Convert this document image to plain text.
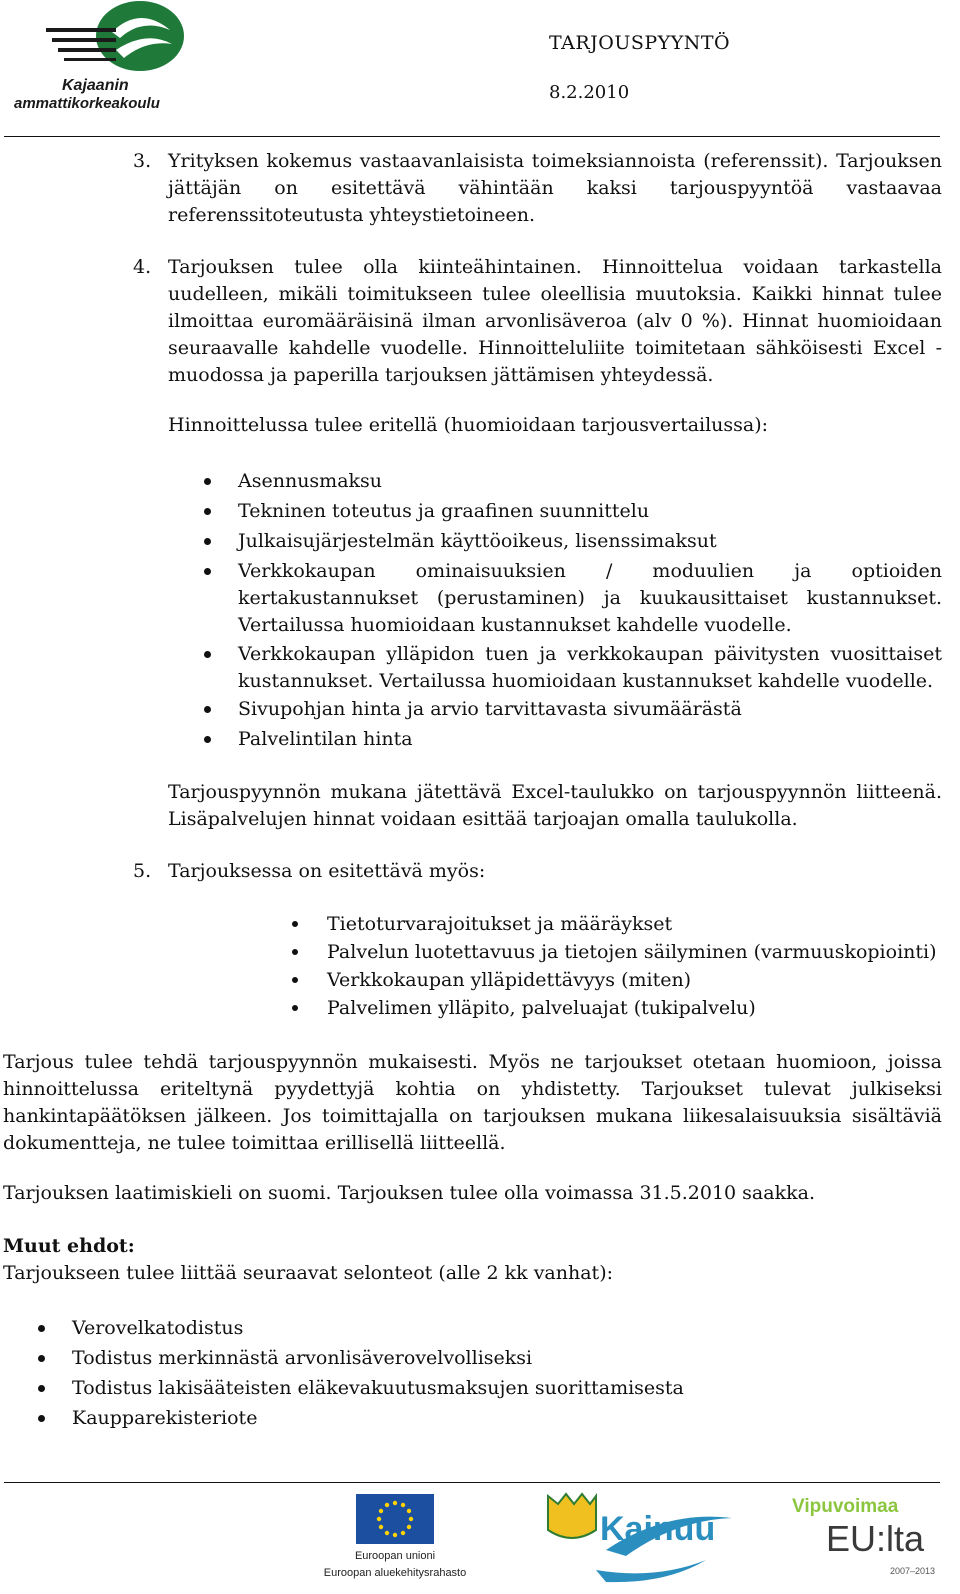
Kajaanin
ammattikorkeakoulu
TARJOUSPYYNTÖ
8.2.2010
3. Yrityksen kokemus vastaavanlaisista toimeksiannoista (referenssit). Tarjouksen jättäjän on esitettävä vähintään kaksi tarjouspyyntöä vastaavaa referenssitoteutusta yhteystietoineen.
4. Tarjouksen tulee olla kiinteähintainen. Hinnoittelua voidaan tarkastella uudelleen, mikäli toimitukseen tulee oleellisia muutoksia. Kaikki hinnat tulee ilmoittaa euromääräisinä ilman arvonlisäveroa (alv 0 %). Hinnat huomioidaan seuraavalle kahdelle vuodelle. Hinnoitteluliite toimitetaan sähköisesti Excel -muodossa ja paperilla tarjouksen jättämisen yhteydessä.
Hinnoittelussa tulee eritellä (huomioidaan tarjousvertailussa):
Asennusmaksu
Tekninen toteutus ja graafinen suunnittelu
Julkaisujärjestelmän käyttöoikeus, lisenssimaksut
Verkkokaupan ominaisuuksien / moduulien ja optioiden kertakustannukset (perustaminen) ja kuukausittaiset kustannukset. Vertailussa huomioidaan kustannukset kahdelle vuodelle.
Verkkokaupan ylläpidon tuen ja verkkokaupan päivitysten vuosittaiset kustannukset. Vertailussa huomioidaan kustannukset kahdelle vuodelle.
Sivupohjan hinta ja arvio tarvittavasta sivumäärästä
Palvelintilan hinta
Tarjouspyynnön mukana jätettävä Excel-taulukko on tarjouspyynnön liitteenä. Lisäpalvelujen hinnat voidaan esittää tarjoajan omalla taulukolla.
5. Tarjouksessa on esitettävä myös:
Tietoturvarajoitukset ja määräykset
Palvelun luotettavuus ja tietojen säilyminen (varmuuskopiointi)
Verkkokaupan ylläpidettävyys (miten)
Palvelimen ylläpito, palveluajat (tukipalvelu)
Tarjous tulee tehdä tarjouspyynnön mukaisesti. Myös ne tarjoukset otetaan huomioon, joissa hinnoittelussa eriteltynä pyydettyjä kohtia on yhdistetty. Tarjoukset tulevat julkiseksi hankintapäätöksen jälkeen. Jos toimittajalla on tarjouksen mukana liikesalaisuuksia sisältäviä dokumentteja, ne tulee toimittaa erillisellä liitteellä.
Tarjouksen laatimiskieli on suomi. Tarjouksen tulee olla voimassa 31.5.2010 saakka.
Muut ehdot:
Tarjoukseen tulee liittää seuraavat selonteot (alle 2 kk vanhat):
Verovelkatodistus
Todistus merkinnästä arvonlisäverovelvolliseksi
Todistus lakisääteisten eläkevakuutusmaksujen suorittamisesta
Kaupparekisteriote
Euroopan unioni
Euroopan aluekehitysrahasto
Kainuu
Vipuvoimaa
EU:lta
2007–2013
